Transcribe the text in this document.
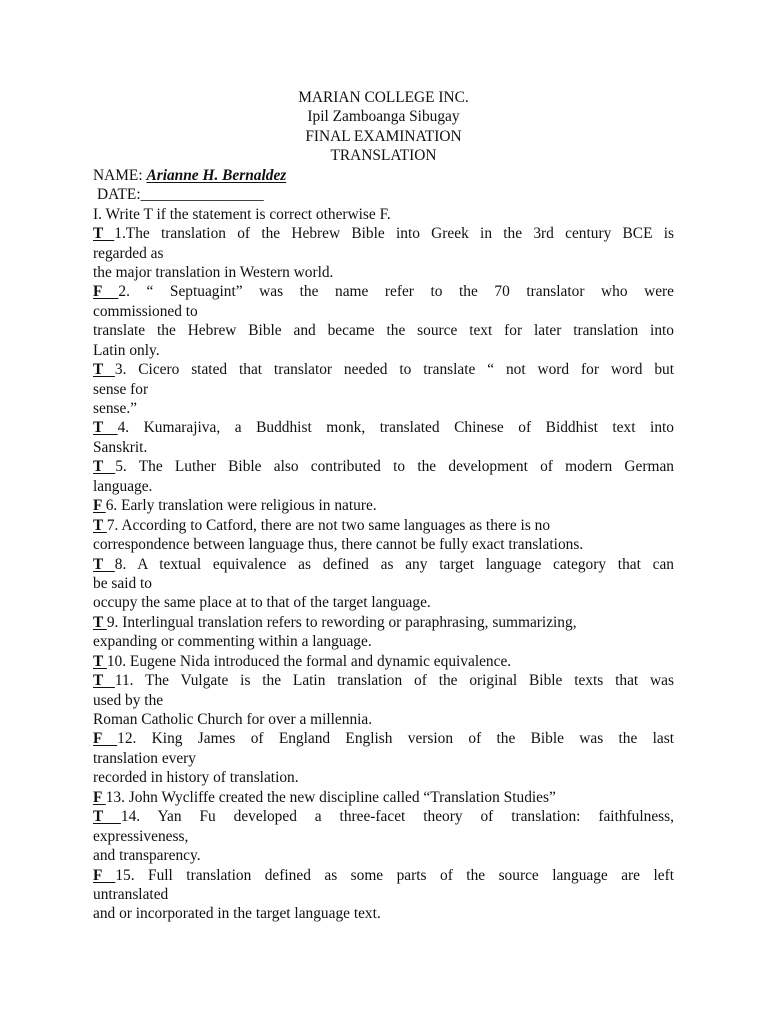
MARIAN COLLEGE INC.
Ipil Zamboanga Sibugay
FINAL EXAMINATION
TRANSLATION
NAME: Arianne H. Bernaldez
DATE:________________
I. Write T if the statement is correct otherwise F.
T 1.The translation of the Hebrew Bible into Greek in the 3rd century BCE is
regarded as
the major translation in Western world.
F 2. “ Septuagint” was the name refer to the 70 translator who were
commissioned to
translate the Hebrew Bible and became the source text for later translation into
Latin only.
T 3. Cicero stated that translator needed to translate “ not word for word but
sense for
sense.”
T 4. Kumarajiva, a Buddhist monk, translated Chinese of Biddhist text into
Sanskrit.
T 5. The Luther Bible also contributed to the development of modern German
language.
F 6. Early translation were religious in nature.
T 7. According to Catford, there are not two same languages as there is no
correspondence between language thus, there cannot be fully exact translations.
T 8. A textual equivalence as defined as any target language category that can
be said to
occupy the same place at to that of the target language.
T 9. Interlingual translation refers to rewording or paraphrasing, summarizing,
expanding or commenting within a language.
T 10. Eugene Nida introduced the formal and dynamic equivalence.
T 11. The Vulgate is the Latin translation of the original Bible texts that was
used by the
Roman Catholic Church for over a millennia.
F 12. King James of England English version of the Bible was the last
translation every
recorded in history of translation.
F 13. John Wycliffe created the new discipline called “Translation Studies”
T 14. Yan Fu developed a three-facet theory of translation: faithfulness,
expressiveness,
and transparency.
F 15. Full translation defined as some parts of the source language are left
untranslated
and or incorporated in the target language text.
